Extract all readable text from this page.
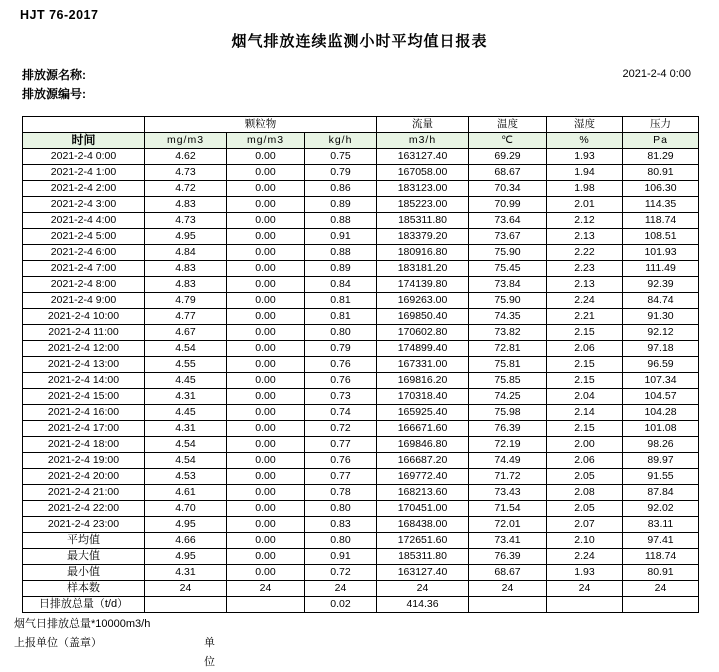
HJT 76-2017
烟气排放连续监测小时平均值日报表
排放源名称:
排放源编号:
2021-2-4 0:00
	颗粒物			流量	温度	湿度	压力
时间	mg/m3	mg/m3	kg/h	m3/h	℃	%	Pa
2021-2-4 0:00	4.62	0.00	0.75	163127.40	69.29	1.93	81.29
2021-2-4 1:00	4.73	0.00	0.79	167058.00	68.67	1.94	80.91
2021-2-4 2:00	4.72	0.00	0.86	183123.00	70.34	1.98	106.30
2021-2-4 3:00	4.83	0.00	0.89	185223.00	70.99	2.01	114.35
2021-2-4 4:00	4.73	0.00	0.88	185311.80	73.64	2.12	118.74
2021-2-4 5:00	4.95	0.00	0.91	183379.20	73.67	2.13	108.51
2021-2-4 6:00	4.84	0.00	0.88	180916.80	75.90	2.22	101.93
2021-2-4 7:00	4.83	0.00	0.89	183181.20	75.45	2.23	111.49
2021-2-4 8:00	4.83	0.00	0.84	174139.80	73.84	2.13	92.39
2021-2-4 9:00	4.79	0.00	0.81	169263.00	75.90	2.24	84.74
2021-2-4 10:00	4.77	0.00	0.81	169850.40	74.35	2.21	91.30
2021-2-4 11:00	4.67	0.00	0.80	170602.80	73.82	2.15	92.12
2021-2-4 12:00	4.54	0.00	0.79	174899.40	72.81	2.06	97.18
2021-2-4 13:00	4.55	0.00	0.76	167331.00	75.81	2.15	96.59
2021-2-4 14:00	4.45	0.00	0.76	169816.20	75.85	2.15	107.34
2021-2-4 15:00	4.31	0.00	0.73	170318.40	74.25	2.04	104.57
2021-2-4 16:00	4.45	0.00	0.74	165925.40	75.98	2.14	104.28
2021-2-4 17:00	4.31	0.00	0.72	166671.60	76.39	2.15	101.08
2021-2-4 18:00	4.54	0.00	0.77	169846.80	72.19	2.00	98.26
2021-2-4 19:00	4.54	0.00	0.76	166687.20	74.49	2.06	89.97
2021-2-4 20:00	4.53	0.00	0.77	169772.40	71.72	2.05	91.55
2021-2-4 21:00	4.61	0.00	0.78	168213.60	73.43	2.08	87.84
2021-2-4 22:00	4.70	0.00	0.80	170451.00	71.54	2.05	92.02
2021-2-4 23:00	4.95	0.00	0.83	168438.00	72.01	2.07	83.11
平均值	4.66	0.00	0.80	172651.60	73.41	2.10	97.41
最大值	4.95	0.00	0.91	185311.80	76.39	2.24	118.74
最小值	4.31	0.00	0.72	163127.40	68.67	1.93	80.91
样本数	24	24	24	24	24	24	24
日排放总量（t/d）			0.02	414.36			
烟气日排放总量*10000m3/h
上报单位（盖章）	单位
